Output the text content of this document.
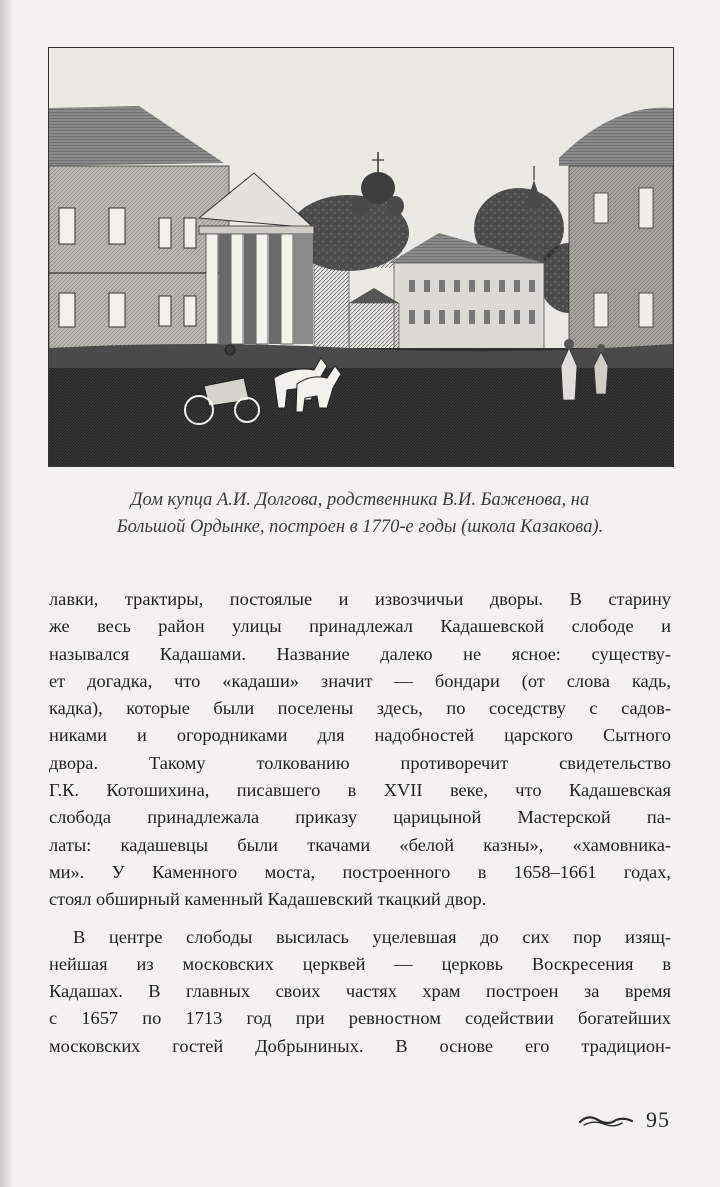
Дом купца А.И. Долгова, родственника В.И. Баженова, на
Большой Ордынке, построен в 1770-е годы (школа Казакова).

лавки, трактиры, постоялые и извозчичьи дворы. В старину
же весь район улицы принадлежал Кадашевской слободе и
назывался Кадашами. Название далеко не ясное: существу-
ет догадка, что «кадаши» значит — бондари (от слова кадь,
кадка), которые были поселены здесь, по соседству с садов-
никами и огородниками для надобностей царского Сытного
двора. Такому толкованию противоречит свидетельство
Г.К. Котошихина, писавшего в XVII веке, что Кадашевская
слобода принадлежала приказу царицыной Мастерской па-
латы: кадашевцы были ткачами «белой казны», «хамовника-
ми». У Каменного моста, построенного в 1658–1661 годах,
стоял обширный каменный Кадашевский ткацкий двор.
В центре слободы высилась уцелевшая до сих пор изящ-
нейшая из московских церквей — церковь Воскресения в
Кадашах. В главных своих частях храм построен за время
с 1657 по 1713 год при ревностном содействии богатейших
московских гостей Добрыниных. В основе его традицион-
95
